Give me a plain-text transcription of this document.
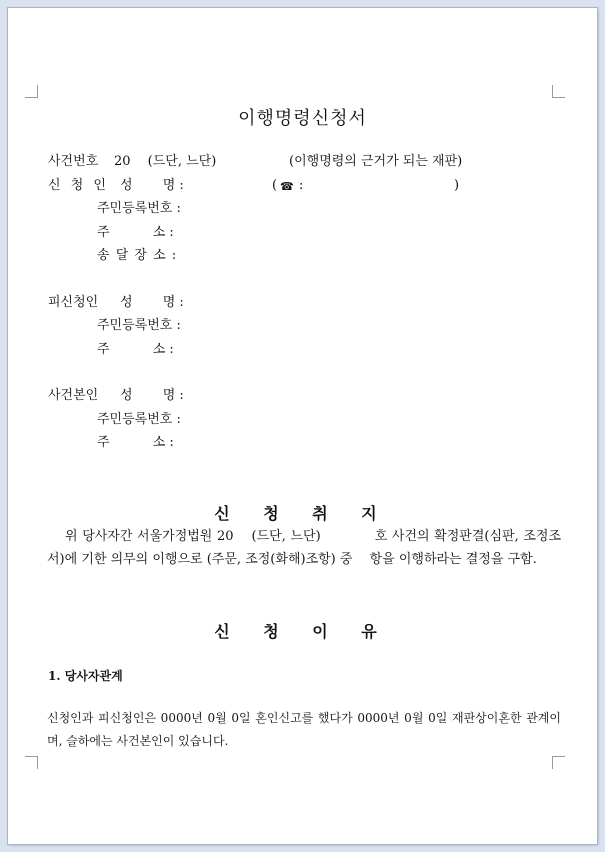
이행명령신청서
사건번호 20 　(드단, 느단)	(이행명령의 근거가 되는 재판)
신 청 인 성　 　명 :	( ☎ :	)
주민등록번호 :
주　 　　소 :
송 달 장 소 :
피신청인 성　 　명 :
주민등록번호 :
주　 　　소 :
사건본인 성　 　명 :
주민등록번호 :
주　 　　소 :
신 청 취 지
　 위 당사자간 서울가정법원 20 　(드단, 느단) 　 　 　호 사건의 확정판결(심판, 조정조서)에 기한 의무의 이행으로 (주문, 조정(화해)조항) 중 　항을 이행하라는 결정을 구함.
신 청 이 유
1. 당사자관계
신청인과 피신청인은 0000년 0월 0일 혼인신고를 했다가 0000년 0월 0일 재판상이혼한 관계이며, 슬하에는 사건본인이 있습니다.
